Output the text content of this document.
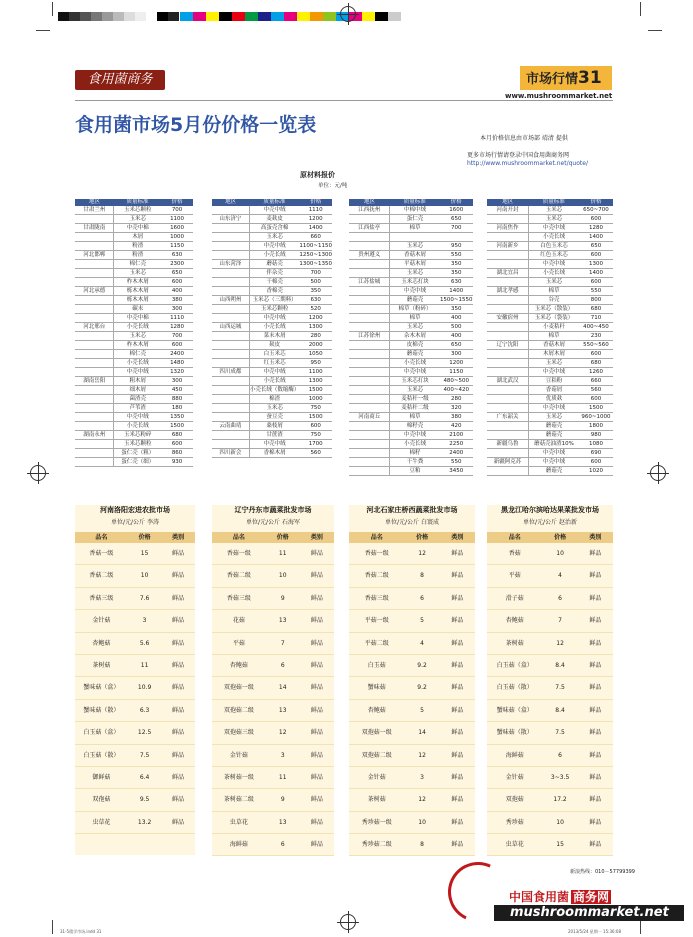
食用菌商务	市场行情31
www.mushroommarket.net
食用菌市场5月份价格一览表
本月价格信息由市场部 靖清 提供
更多市场行情请登录中国食用菌商务网
http://www.mushroommarket.net/quote/
原材料报价
单位：元/吨
地区	质量标准	价格
甘肃兰州	玉米芯颗粒	700
	玉米芯	1100
甘肃陇南	中壳中棉	1600
	木屑	1000
	粉渣	1150
河北邯郸	粉渣	630
	棉仁壳	2300
	玉米芯	650
	柞木木屑	600
河北承德	栎木木屑	400
	栎木木屑	380
	碳末	300
	中壳中棉	1110
河北邢台	小壳长绒	1280
	玉米芯	700
	柞木木屑	600
	棉仁壳	2400
	小壳长绒	1480
	中壳中绒	1320
湖南岳阳	粗木屑	300
	细木屑	450
	菌渣壳	880
	芦苇渣	180
	中壳中绒	1350
	小壳长绒	1500
湖南永州	玉米芯粉碎	680
	玉米芯颗粒	600
	蛋仁壳（粗）	860
	蛋仁壳（细）	930
地区	质量标准	价格
	中壳中绒	1110
山东济宁	麦麸皮	1200
	高蛋壳含棉	1400
	玉米芯	660
	中壳中绒	1100~1150
	小壳长绒	1250~1300
山东菏泽	蘑菇壳	1300~1350
	伴杂壳	700
	干棉壳	500
	香棉壳	350
山西朔州	玉米芯（三期料）	630
	玉米芯颗粒	520
	中壳中绒	1200
山西运城	小壳长绒	1300
	菜末木屑	280
	麸皮	2000
	白玉米芯	1050
	红玉米芯	950
四川成都	中壳中绒	1100
	小壳长绒	1300
	小壳长绒（数缩酶）	1500
	棉渣	1000
	玉米芯	750
	蚕豆壳	1500
云南曲靖	桑枝屑	600
	甘蔗渣	750
	中壳中绒	1700
四川新会	香棉木屑	560
地区	质量标准	价格
江西抚州	中棉中绒	1600
	蛋仁壳	650
江西盐亭	棉草	700

	玉米芯	950
贵州遵义	香菇木屑	550
	平菇木屑	350
	玉米芯	350
江苏盐城	玉米芯打块	630
	中壳中绒	1400
	蘑菇壳	1500~1550
	棉草（粉碎）	350
	棉草	400
	玉米芯	500
江苏徐州	杂木木屑	400
	皮棉壳	650
	蘑菇壳	300
	小壳长绒	1200
	中壳中绒	1150
	玉米芯打块	480~500
	玉米芯	400~420
	麦秸秆一级	280
	麦秸秆二级	320
河南商丘	棉草	380
	棉籽壳	420
	中壳中绒	2100
	小壳长绒	2250
	棉籽	2400
	干牛粪	550
	豆粕	3450
地区	质量标准	价格
河南开封	玉米芯	650~700
	玉米芯	600
河南焦作	中壳中绒	1280
	小壳长绒	1400
河南新乡	白色玉米芯	650
	红色玉米芯	600
	中壳中绒	1300
湖北宜昌	小壳长绒	1400
	玉米芯	600
湖北孝感	棉草	550
	谷壳	800
	玉米芯（散装）	680
安徽宿州	玉米芯（袋装）	710
	小麦秸秆	400~450
	棉草	230
辽宁沈阳	香菇木屑	550~560
	木屑木屑	600
	玉米芯	680
	中壳中绒	1260
湖北武汉	豆秸粉	660
	香菇屑	560
	优质麸	600
	中壳中绒	1500
广东韶关	玉米芯	960~1000
	蘑菇壳	1800
	蘑菇壳	980
新疆乌鲁	蘑菇壳油渣10%	1080
	中壳中绒	690
新疆阿克苏	中壳中绒	600
	蘑菇壳	1020
河南洛阳宏进农批市场
单位/元/公斤 李涛
品名	价格	类别
香菇一级	15	鲜品
香菇二级	10	鲜品
香菇三级	7.6	鲜品
金针菇	3	鲜品
杏鲍菇	5.6	鲜品
茶树菇	11	鲜品
蟹味菇（盒）	10.9	鲜品
蟹味菇（散）	6.3	鲜品
白玉菇（盒）	12.5	鲜品
白玉菇（散）	7.5	鲜品
御鲜菇	6.4	鲜品
双孢菇	9.5	鲜品
虫草花	13.2	鲜品
辽宁丹东市蔬菜批发市场
单位/元/公斤 石海军
品名	价格	类别
香菇一级	11	鲜品
香菇二级	10	鲜品
香菇三级	9	鲜品
花菇	13	鲜品
平菇	7	鲜品
杏鲍菇	6	鲜品
双孢菇一级	14	鲜品
双孢菇二级	13	鲜品
双孢菇三级	12	鲜品
金针菇	3	鲜品
茶树菇一级	11	鲜品
茶树菇二级	9	鲜品
虫草花	13	鲜品
海鲜菇	6	鲜品
河北石家庄桥西蔬菜批发市场
单位/元/公斤 白寰成
品名	价格	类别
香菇一级	12	鲜品
香菇二级	8	鲜品
香菇三级	6	鲜品
平菇一级	5	鲜品
平菇二级	4	鲜品
白玉菇	9.2	鲜品
蟹味菇	9.2	鲜品
杏鲍菇	5	鲜品
双孢菇一级	14	鲜品
双孢菇二级	12	鲜品
金针菇	3	鲜品
茶树菇	12	鲜品
秀珍菇一级	10	鲜品
秀珍菇二级	8	鲜品
黑龙江哈尔滨哈达果菜批发市场
单位/元/公斤 赵治新
品名	价格	类别
香菇	10	鲜品
平菇	4	鲜品
滑子菇	6	鲜品
杏鲍菇	7	鲜品
茶树菇	12	鲜品
白玉菇（盒）	8.4	鲜品
白玉菇（散）	7.5	鲜品
蟹味菇（盒）	8.4	鲜品
蟹味菇（散）	7.5	鲜品
海鲜菇	6	鲜品
金针菇	3~3.5	鲜品
双孢菇	17.2	鲜品
秀珍菇	10	鲜品
虫草花	15	鲜品
新浪热线：010－57799399
中国食用菌 商务网
mushroommarket.net
31-5精学市场.indd 31	2013/5/24 星期一 15:36:08
